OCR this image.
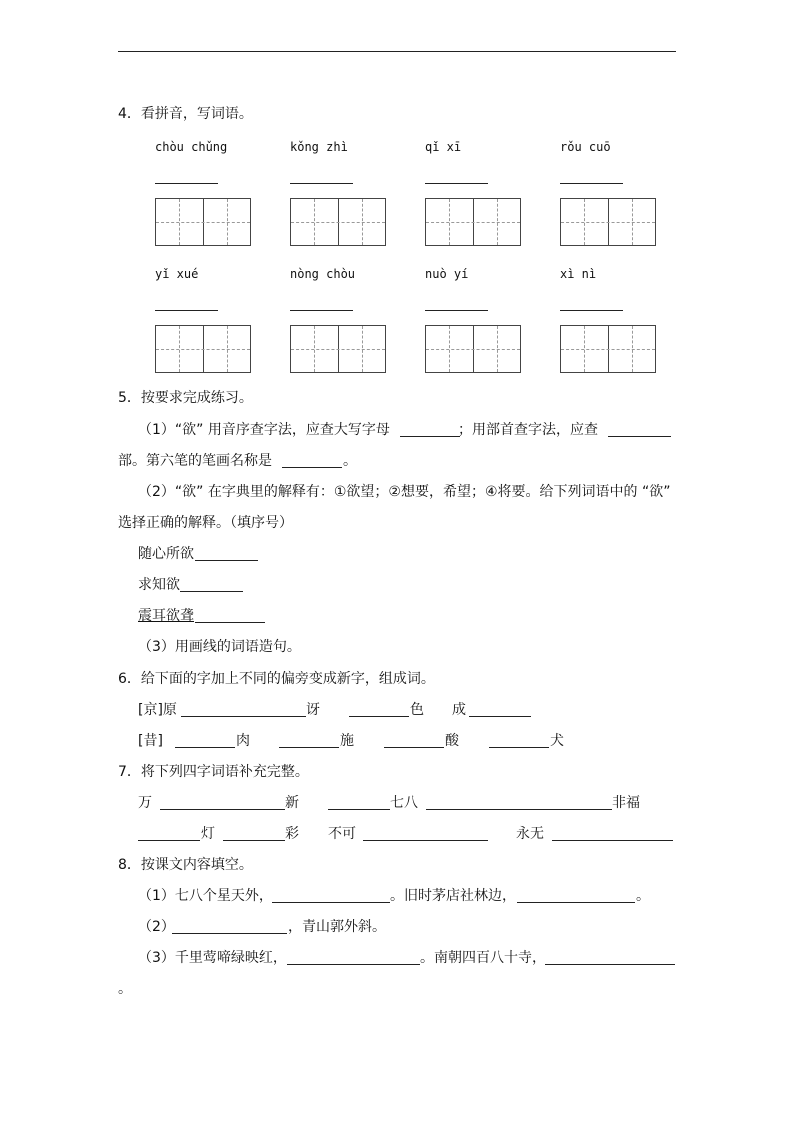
4．看拼音，写词语。
chòu chǔng	kǒng zhì	qǐ xī	rǒu cuō
yǐ xué	nòng chòu	nuò yí	xì nì
5．按要求完成练习。
（1）“欲” 用音序查字法，应查大写字母	；用部首查字法，应查
部。第六笔的笔画名称是	。
（2）“欲” 在字典里的解释有：①欲望；②想要，希望；④将要。给下列词语中的 “欲”
选择正确的解释。（填序号）
随心所欲
求知欲
震耳欲聋
（3）用画线的词语造句。
6．给下面的字加上不同的偏旁变成新字，组成词。
[京]原	讶	色 成
[昔]	肉	施	酸	犬
7．将下列四字词语补充完整。
万	新	七八	非福
灯	彩 不可	永无
8．按课文内容填空。
（1）七八个星天外，	。旧时茅店社林边，	。
（2）	，青山郭外斜。
（3）千里莺啼绿映红，	。南朝四百八十寺，
。
